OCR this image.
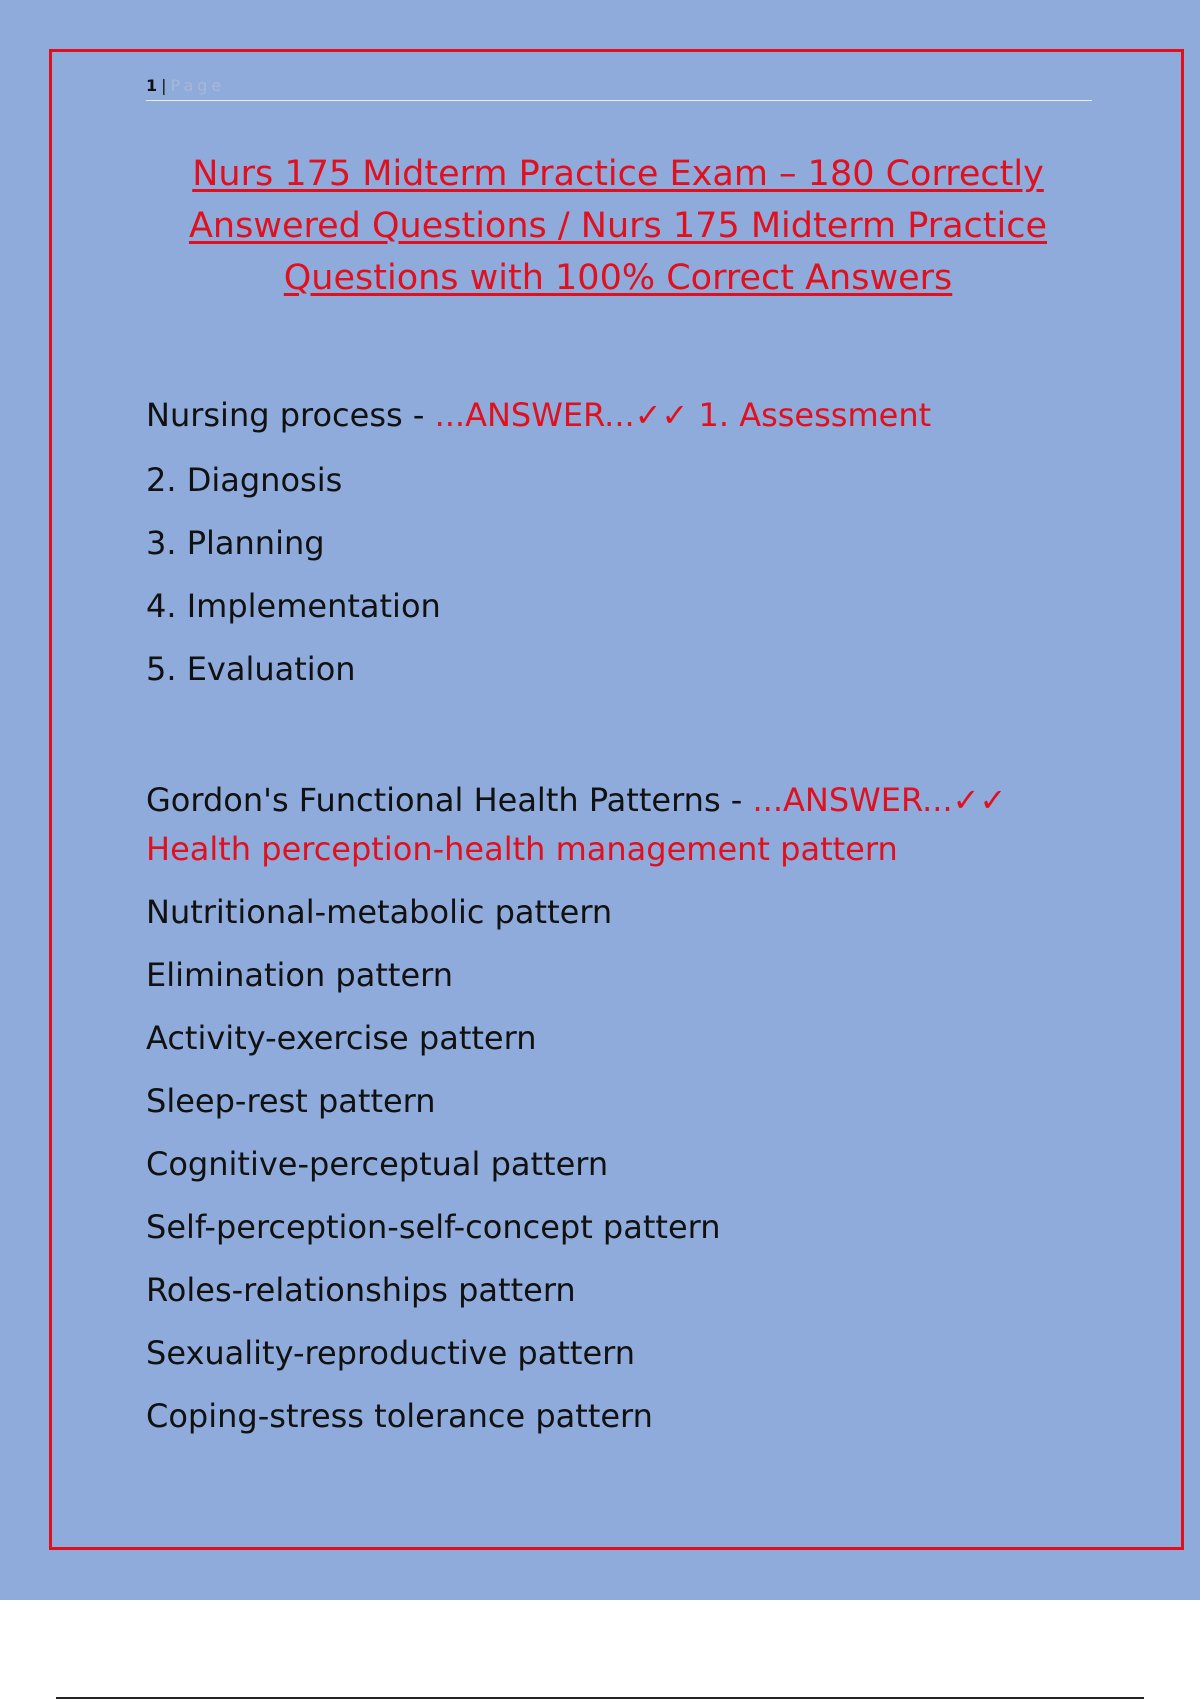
1 | Page
Nurs 175 Midterm Practice Exam – 180 Correctly Answered Questions / Nurs 175 Midterm Practice Questions with 100% Correct Answers
Nursing process - ...ANSWER...✓✓ 1. Assessment
2. Diagnosis
3. Planning
4. Implementation
5. Evaluation
Gordon's Functional Health Patterns - ...ANSWER...✓✓
Health perception-health management pattern
Nutritional-metabolic pattern
Elimination pattern
Activity-exercise pattern
Sleep-rest pattern
Cognitive-perceptual pattern
Self-perception-self-concept pattern
Roles-relationships pattern
Sexuality-reproductive pattern
Coping-stress tolerance pattern
